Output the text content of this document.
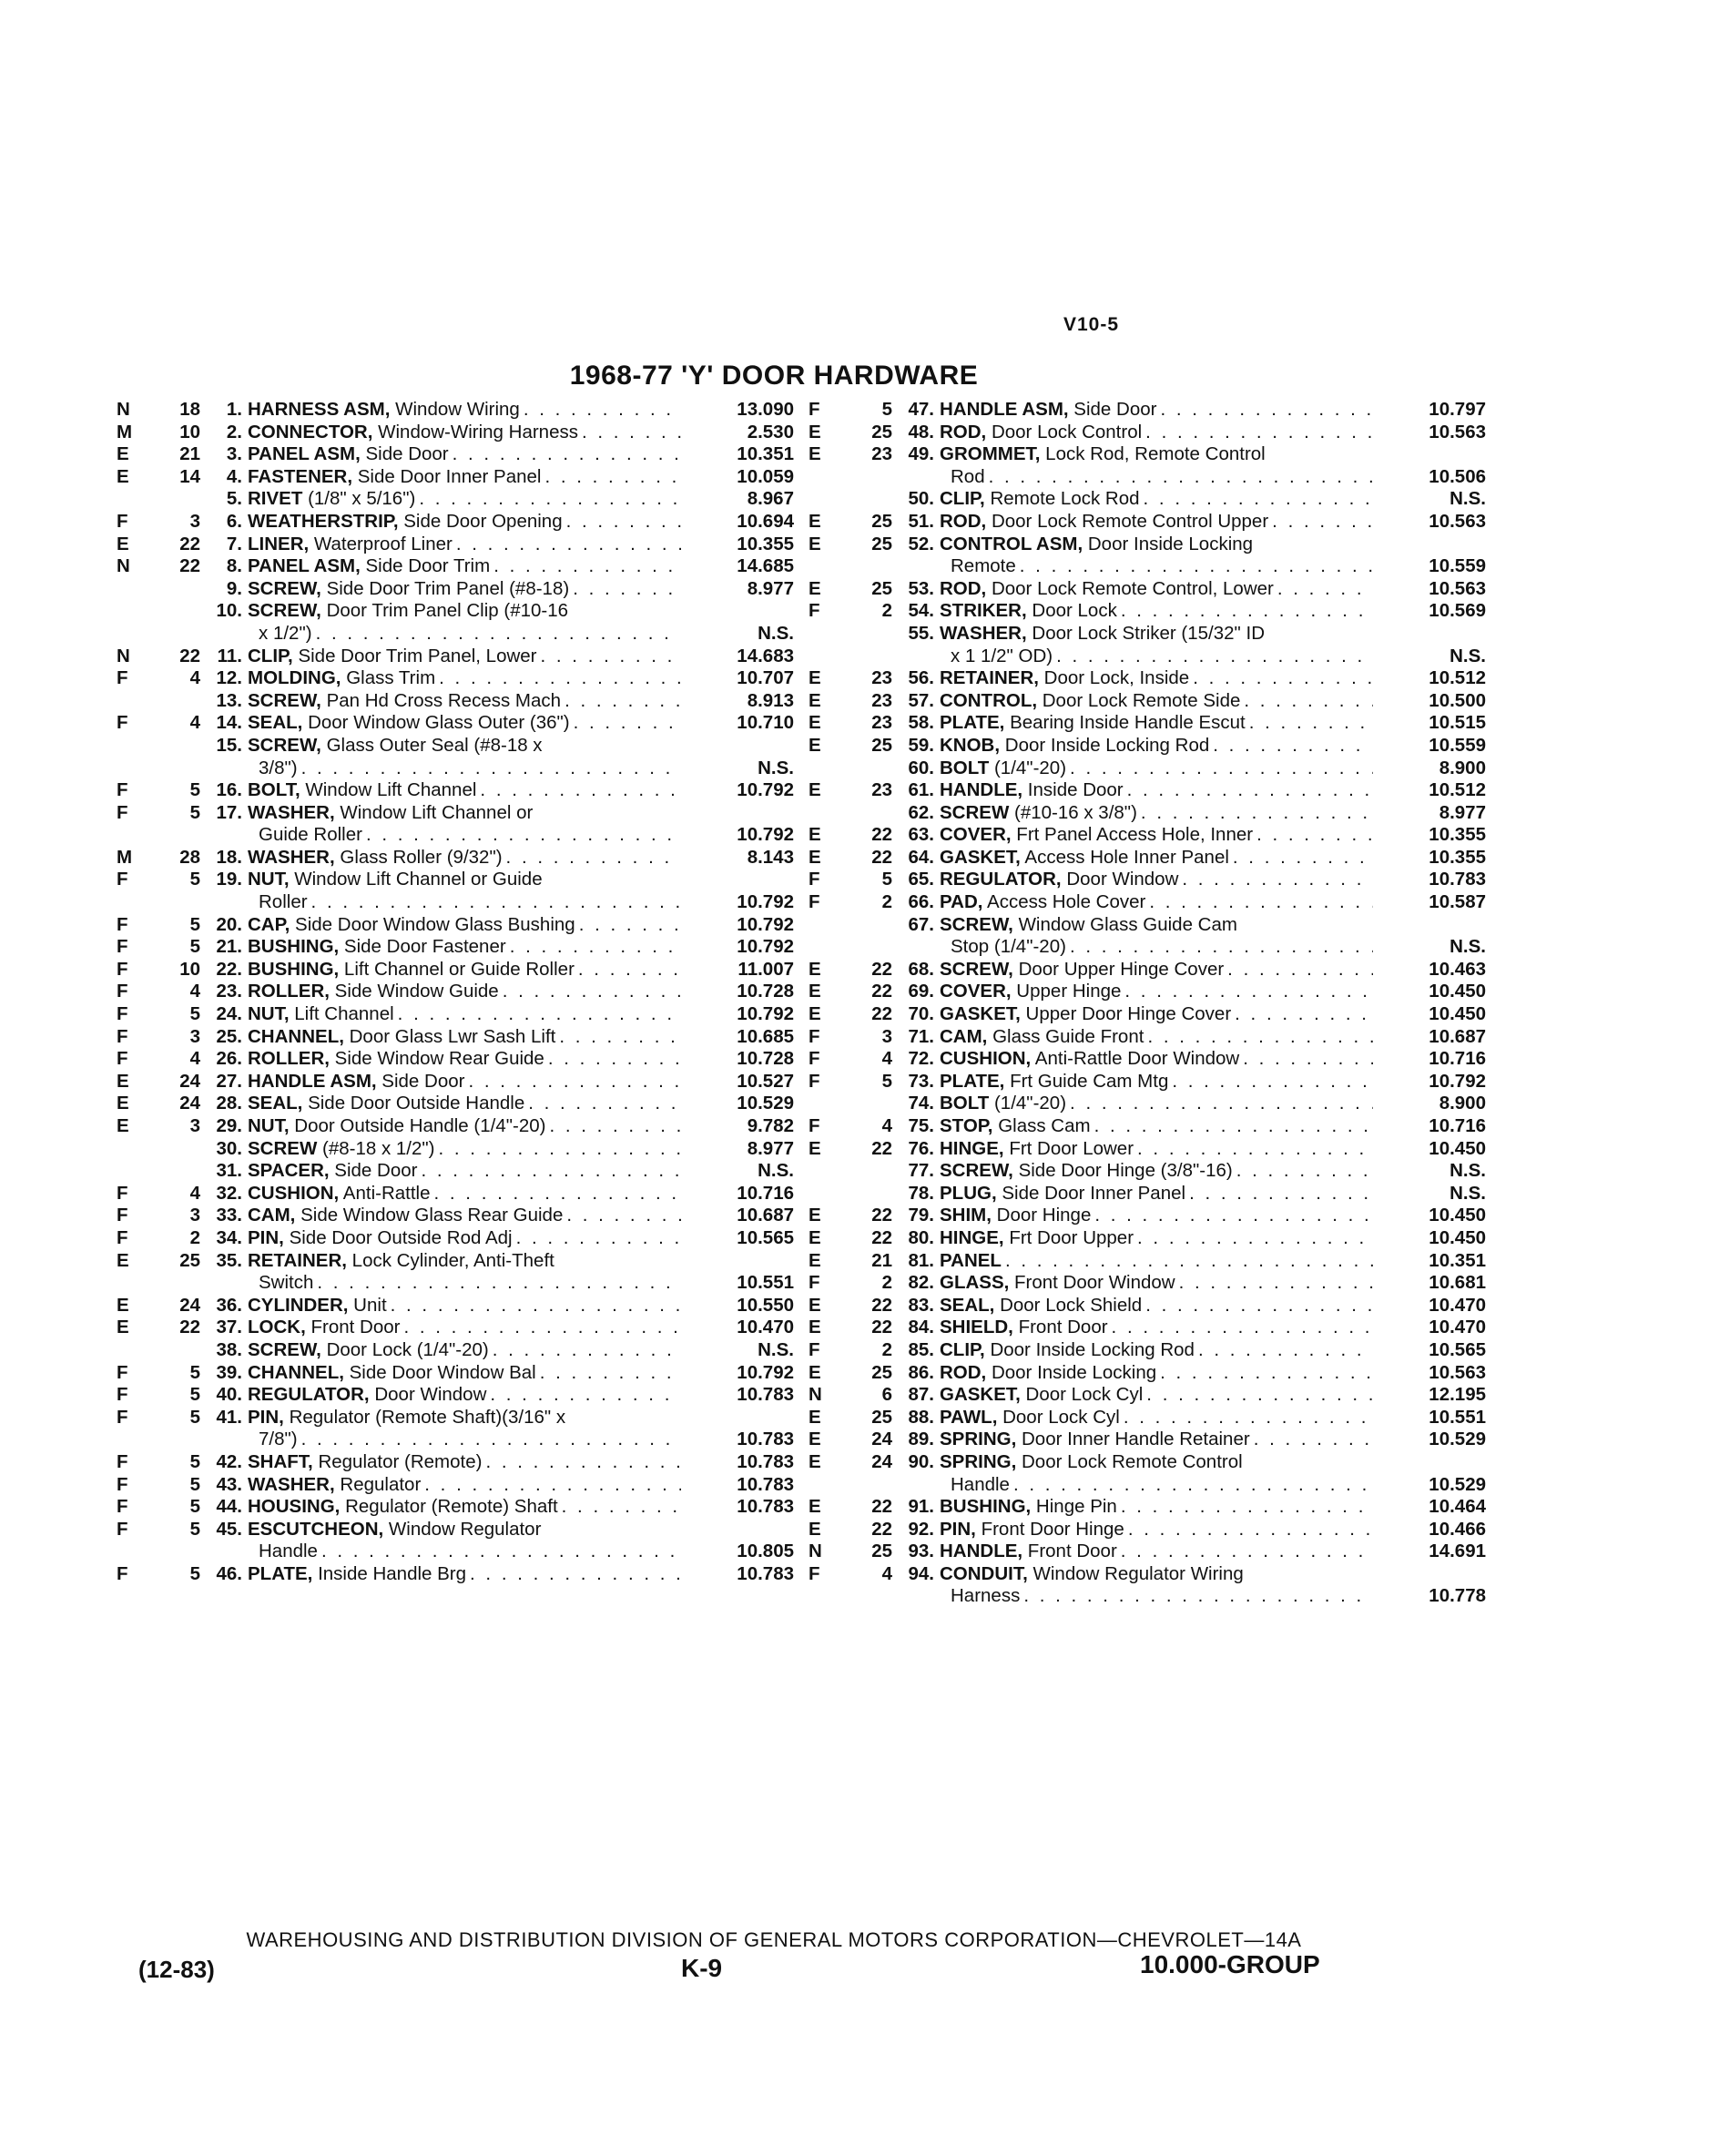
V10-5
1968-77 'Y' DOOR HARDWARE
N	18	1. HARNESS ASM, Window Wiring . . .	13.090
M	10	2. CONNECTOR, Window-Wiring Harness . . .	2.530
E	21	3. PANEL ASM, Side Door . . .	10.351
E	14	4. FASTENER, Side Door Inner Panel . . .	10.059
5. RIVET (1/8" x 5/16") . . .	8.967
F	3	6. WEATHERSTRIP, Side Door Opening . . .	10.694
E	22	7. LINER, Waterproof Liner . . .	10.355
N	22	8. PANEL ASM, Side Door Trim . . .	14.685
9. SCREW, Side Door Trim Panel (#8-18) . . .	8.977
10. SCREW, Door Trim Panel Clip (#10-16
x 1/2") . . .	N.S.
N	22 11. CLIP, Side Door Trim Panel, Lower . . .	14.683
F	4 12. MOLDING, Glass Trim . . .	10.707
13. SCREW, Pan Hd Cross Recess Mach . . .	8.913
F	4 14. SEAL, Door Window Glass Outer (36") . . .	10.710
15. SCREW, Glass Outer Seal (#8-18 x
3/8") . . .	N.S.
F	5 16. BOLT, Window Lift Channel . . .	10.792
F	5 17. WASHER, Window Lift Channel or
Guide Roller . . .	10.792
M	28 18. WASHER, Glass Roller (9/32") . . .	8.143
F	5 19. NUT, Window Lift Channel or Guide
Roller . . .	10.792
F	5 20. CAP, Side Door Window Glass Bushing . . .	10.792
F	5 21. BUSHING, Side Door Fastener . . .	10.792
F	10 22. BUSHING, Lift Channel or Guide Roller . . .	11.007
F	4 23. ROLLER, Side Window Guide . . .	10.728
F	5 24. NUT, Lift Channel . . .	10.792
F	3 25. CHANNEL, Door Glass Lwr Sash Lift . . .	10.685
F	4 26. ROLLER, Side Window Rear Guide . . .	10.728
E	24 27. HANDLE ASM, Side Door . . .	10.527
E	24 28. SEAL, Side Door Outside Handle . . .	10.529
E	3 29. NUT, Door Outside Handle (1/4"-20) . . .	9.782
30. SCREW (#8-18 x 1/2") . . .	8.977
31. SPACER, Side Door . . .	N.S.
F	4 32. CUSHION, Anti-Rattle . . .	10.716
F	3 33. CAM, Side Window Glass Rear Guide . . .	10.687
F	2 34. PIN, Side Door Outside Rod Adj . . .	10.565
E	25 35. RETAINER, Lock Cylinder, Anti-Theft
Switch . . .	10.551
E	24 36. CYLINDER, Unit . . .	10.550
E	22 37. LOCK, Front Door . . .	10.470
38. SCREW, Door Lock (1/4"-20) . . .	N.S.
F	5 39. CHANNEL, Side Door Window Bal . . .	10.792
F	5 40. REGULATOR, Door Window . . .	10.783
F	5 41. PIN, Regulator (Remote Shaft)(3/16" x
7/8") . . .	10.783
F	5 42. SHAFT, Regulator (Remote) . . .	10.783
F	5 43. WASHER, Regulator . . .	10.783
F	5 44. HOUSING, Regulator (Remote) Shaft . . .	10.783
F	5 45. ESCUTCHEON, Window Regulator
Handle . . .	10.805
F	5 46. PLATE, Inside Handle Brg . . .	10.783
F	5 47. HANDLE ASM, Side Door . . .	10.797
E	25 48. ROD, Door Lock Control . . .	10.563
E	23 49. GROMMET, Lock Rod, Remote Control
Rod . . .	10.506
50. CLIP, Remote Lock Rod . . .	N.S.
E	25 51. ROD, Door Lock Remote Control Upper . . .	10.563
E	25 52. CONTROL ASM, Door Inside Locking
Remote . . .	10.559
E	25 53. ROD, Door Lock Remote Control, Lower . . .	10.563
F	2 54. STRIKER, Door Lock . . .	10.569
55. WASHER, Door Lock Striker (15/32" ID
x 1 1/2" OD) . . .	N.S.
E	23 56. RETAINER, Door Lock, Inside . . .	10.512
E	23 57. CONTROL, Door Lock Remote Side . . .	10.500
E	23 58. PLATE, Bearing Inside Handle Escut . . .	10.515
E	25 59. KNOB, Door Inside Locking Rod . . .	10.559
60. BOLT (1/4"-20) . . .	8.900
E	23 61. HANDLE, Inside Door . . .	10.512
62. SCREW (#10-16 x 3/8") . . .	8.977
E	22 63. COVER, Frt Panel Access Hole, Inner . . .	10.355
E	22 64. GASKET, Access Hole Inner Panel . . .	10.355
F	5 65. REGULATOR, Door Window . . .	10.783
F	2 66. PAD, Access Hole Cover . . .	10.587
67. SCREW, Window Glass Guide Cam
Stop (1/4"-20) . . .	N.S.
E	22 68. SCREW, Door Upper Hinge Cover . . .	10.463
E	22 69. COVER, Upper Hinge . . .	10.450
E	22 70. GASKET, Upper Door Hinge Cover . . .	10.450
F	3 71. CAM, Glass Guide Front . . .	10.687
F	4 72. CUSHION, Anti-Rattle Door Window . . .	10.716
F	5 73. PLATE, Frt Guide Cam Mtg . . .	10.792
74. BOLT (1/4"-20) . . .	8.900
F	4 75. STOP, Glass Cam . . .	10.716
E	22 76. HINGE, Frt Door Lower . . .	10.450
77. SCREW, Side Door Hinge (3/8"-16) . . .	N.S.
78. PLUG, Side Door Inner Panel . . .	N.S.
E	22 79. SHIM, Door Hinge . . .	10.450
E	22 80. HINGE, Frt Door Upper . . .	10.450
E	21 81. PANEL . . .	10.351
F	2 82. GLASS, Front Door Window . . .	10.681
E	22 83. SEAL, Door Lock Shield . . .	10.470
E	22 84. SHIELD, Front Door . . .	10.470
F	2 85. CLIP, Door Inside Locking Rod . . .	10.565
E	25 86. ROD, Door Inside Locking . . .	10.563
N	6 87. GASKET, Door Lock Cyl . . .	12.195
E	25 88. PAWL, Door Lock Cyl . . .	10.551
E	24 89. SPRING, Door Inner Handle Retainer . . .	10.529
E	24 90. SPRING, Door Lock Remote Control
Handle . . .	10.529
E	22 91. BUSHING, Hinge Pin . . .	10.464
E	22 92. PIN, Front Door Hinge . . .	10.466
N	25 93. HANDLE, Front Door . . .	14.691
F	4 94. CONDUIT, Window Regulator Wiring
Harness . . .	10.778
WAREHOUSING AND DISTRIBUTION DIVISION OF GENERAL MOTORS CORPORATION—CHEVROLET—14A
(12-83)	K-9	10.000-GROUP
